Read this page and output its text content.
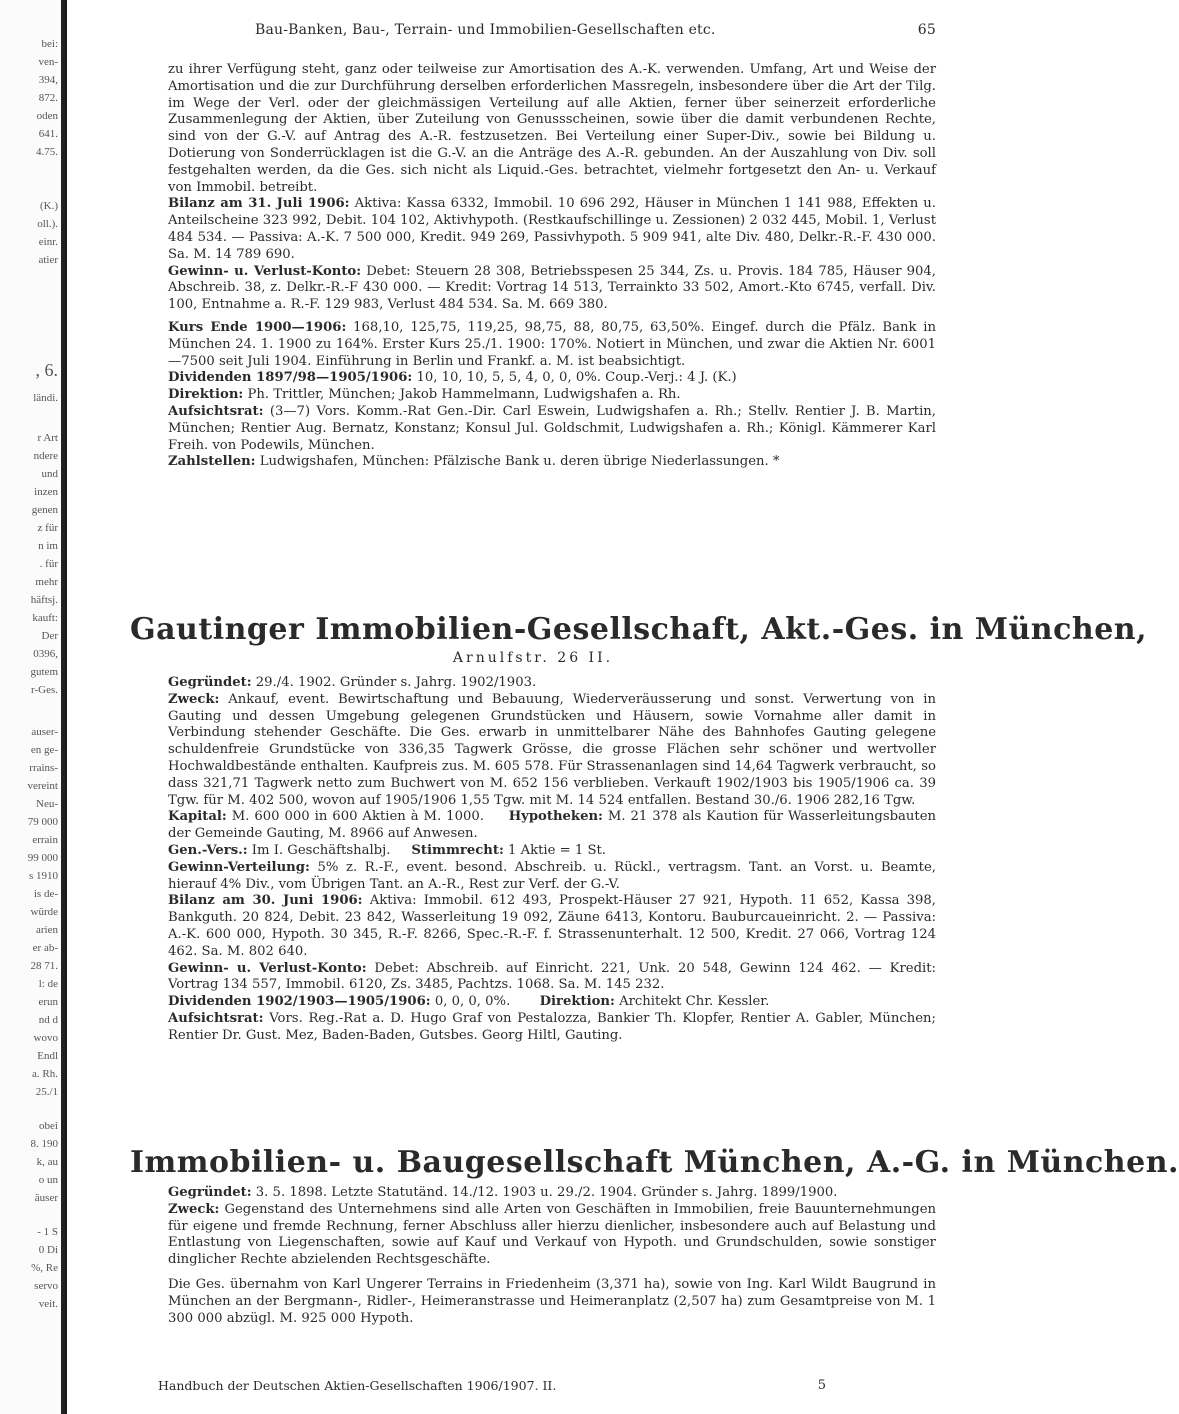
bei:
ven-
394,
872.
oden
641.
4.75.
(K.)
oll.).
einr.
atier
, 6.
ländi.
r Art
ndere
und
inzen
genen
z für
n im
. für
mehr
häftsj.
kauft:
Der
0396,
gutem
r-Ges.
auser-
en ge-
rrains-
vereint
Neu-
79 000
errain
99 000
s 1910
is de-
würde
arien
er ab-
28 71.
l: de
erun
nd d
wovo
Endl
a. Rh.
25./1
obei
8. 190
k, au
o un
äuser
- 1 S
0 Di
%, Re
servo
veit.
Bau-Banken, Bau-, Terrain- und Immobilien-Gesellschaften etc.	65

zu ihrer Verfügung steht, ganz oder teilweise zur Amortisation des A.-K. verwenden. Umfang, Art und Weise der Amortisation und die zur Durchführung derselben erforderlichen Massregeln, insbesondere über die Art der Tilg. im Wege der Verl. oder der gleichmässigen Verteilung auf alle Aktien, ferner über seinerzeit erforderliche Zusammenlegung der Aktien, über Zuteilung von Genussscheinen, sowie über die damit verbundenen Rechte, sind von der G.-V. auf Antrag des A.-R. festzusetzen. Bei Verteilung einer Super-Div., sowie bei Bildung u. Dotierung von Sonderrücklagen ist die G.-V. an die Anträge des A.-R. gebunden. An der Auszahlung von Div. soll festgehalten werden, da die Ges. sich nicht als Liquid.-Ges. betrachtet, vielmehr fortgesetzt den An- u. Verkauf von Immobil. betreibt.

Bilanz am 31. Juli 1906: Aktiva: Kassa 6332, Immobil. 10 696 292, Häuser in München 1 141 988, Effekten u. Anteilscheine 323 992, Debit. 104 102, Aktivhypoth. (Restkaufschillinge u. Zessionen) 2 032 445, Mobil. 1, Verlust 484 534. — Passiva: A.-K. 7 500 000, Kredit. 949 269, Passivhypoth. 5 909 941, alte Div. 480, Delkr.-R.-F. 430 000. Sa. M. 14 789 690.

Gewinn- u. Verlust-Konto: Debet: Steuern 28 308, Betriebsspesen 25 344, Zs. u. Provis. 184 785, Häuser 904, Abschreib. 38, z. Delkr.-R.-F 430 000. — Kredit: Vortrag 14 513, Terrainkto 33 502, Amort.-Kto 6745, verfall. Div. 100, Entnahme a. R.-F. 129 983, Verlust 484 534. Sa. M. 669 380.

Kurs Ende 1900—1906: 168,10, 125,75, 119,25, 98,75, 88, 80,75, 63,50%. Eingef. durch die Pfälz. Bank in München 24. 1. 1900 zu 164%. Erster Kurs 25./1. 1900: 170%. Notiert in München, und zwar die Aktien Nr. 6001—7500 seit Juli 1904. Einführung in Berlin und Frankf. a. M. ist beabsichtigt.

Dividenden 1897/98—1905/1906: 10, 10, 10, 5, 5, 4, 0, 0, 0%. Coup.-Verj.: 4 J. (K.)

Direktion: Ph. Trittler, München; Jakob Hammelmann, Ludwigshafen a. Rh.

Aufsichtsrat: (3—7) Vors. Komm.-Rat Gen.-Dir. Carl Eswein, Ludwigshafen a. Rh.; Stellv. Rentier J. B. Martin, München; Rentier Aug. Bernatz, Konstanz; Konsul Jul. Goldschmit, Ludwigshafen a. Rh.; Königl. Kämmerer Karl Freih. von Podewils, München.

Zahlstellen: Ludwigshafen, München: Pfälzische Bank u. deren übrige Niederlassungen. *

Gautinger Immobilien-Gesellschaft, Akt.-Ges. in München,
Arnulfstr. 26 II.

Gegründet: 29./4. 1902. Gründer s. Jahrg. 1902/1903.

Zweck: Ankauf, event. Bewirtschaftung und Bebauung, Wiederveräusserung und sonst. Verwertung von in Gauting und dessen Umgebung gelegenen Grundstücken und Häusern, sowie Vornahme aller damit in Verbindung stehender Geschäfte. Die Ges. erwarb in unmittelbarer Nähe des Bahnhofes Gauting gelegene schuldenfreie Grundstücke von 336,35 Tagwerk Grösse, die grosse Flächen sehr schöner und wertvoller Hochwaldbestände enthalten. Kaufpreis zus. M. 605 578. Für Strassenanlagen sind 14,64 Tagwerk verbraucht, so dass 321,71 Tagwerk netto zum Buchwert von M. 652 156 verblieben. Verkauft 1902/1903 bis 1905/1906 ca. 39 Tgw. für M. 402 500, wovon auf 1905/1906 1,55 Tgw. mit M. 14 524 entfallen. Bestand 30./6. 1906 282,16 Tgw.

Kapital: M. 600 000 in 600 Aktien à M. 1000. Hypotheken: M. 21 378 als Kaution für Wasserleitungsbauten der Gemeinde Gauting, M. 8966 auf Anwesen.

Gen.-Vers.: Im I. Geschäftshalbj. Stimmrecht: 1 Aktie = 1 St.

Gewinn-Verteilung: 5% z. R.-F., event. besond. Abschreib. u. Rückl., vertragsm. Tant. an Vorst. u. Beamte, hierauf 4% Div., vom Übrigen Tant. an A.-R., Rest zur Verf. der G.-V.

Bilanz am 30. Juni 1906: Aktiva: Immobil. 612 493, Prospekt-Häuser 27 921, Hypoth. 11 652, Kassa 398, Bankguth. 20 824, Debit. 23 842, Wasserleitung 19 092, Zäune 6413, Kontoru. Bauburcaueinricht. 2. — Passiva: A.-K. 600 000, Hypoth. 30 345, R.-F. 8266, Spec.-R.-F. f. Strassenunterhalt. 12 500, Kredit. 27 066, Vortrag 124 462. Sa. M. 802 640.

Gewinn- u. Verlust-Konto: Debet: Abschreib. auf Einricht. 221, Unk. 20 548, Gewinn 124 462. — Kredit: Vortrag 134 557, Immobil. 6120, Zs. 3485, Pachtzs. 1068. Sa. M. 145 232.

Dividenden 1902/1903—1905/1906: 0, 0, 0, 0%. Direktion: Architekt Chr. Kessler.

Aufsichtsrat: Vors. Reg.-Rat a. D. Hugo Graf von Pestalozza, Bankier Th. Klopfer, Rentier A. Gabler, München; Rentier Dr. Gust. Mez, Baden-Baden, Gutsbes. Georg Hiltl, Gauting.

Immobilien- u. Baugesellschaft München, A.-G. in München.

Gegründet: 3. 5. 1898. Letzte Statutänd. 14./12. 1903 u. 29./2. 1904. Gründer s. Jahrg. 1899/1900.

Zweck: Gegenstand des Unternehmens sind alle Arten von Geschäften in Immobilien, freie Bauunternehmungen für eigene und fremde Rechnung, ferner Abschluss aller hierzu dienlicher, insbesondere auch auf Belastung und Entlastung von Liegenschaften, sowie auf Kauf und Verkauf von Hypoth. und Grundschulden, sowie sonstiger dinglicher Rechte abzielenden Rechtsgeschäfte.

Die Ges. übernahm von Karl Ungerer Terrains in Friedenheim (3,371 ha), sowie von Ing. Karl Wildt Baugrund in München an der Bergmann-, Ridler-, Heimeranstrasse und Heimeranplatz (2,507 ha) zum Gesamtpreise von M. 1 300 000 abzügl. M. 925 000 Hypoth.

Handbuch der Deutschen Aktien-Gesellschaften 1906/1907. II.	5
